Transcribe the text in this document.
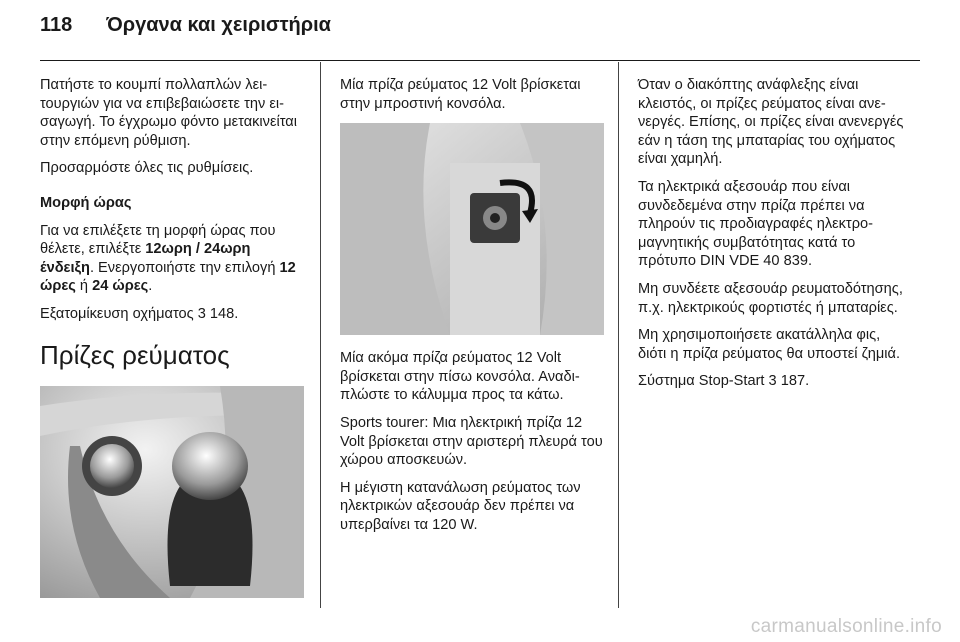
118 Όργανα και χειριστήρια

Πατήστε το κουμπί πολλαπλών λειτουργιών για να επιβεβαιώσετε την εισαγωγή. Το έγχρωμο φόντο μετακινείται στην επόμενη ρύθμιση.

Προσαρμόστε όλες τις ρυθμίσεις.

Μορφή ώρας

Για να επιλέξετε τη μορφή ώρας που θέλετε, επιλέξτε 12ωρη / 24ωρη ένδειξη. Ενεργοποιήστε την επιλογή 12 ώρες ή 24 ώρες.

Εξατομίκευση οχήματος 3 148.

Πρίζες ρεύματος

Μία πρίζα ρεύματος 12 Volt βρίσκεται στην μπροστινή κονσόλα.

Μία ακόμα πρίζα ρεύματος 12 Volt βρίσκεται στην πίσω κονσόλα. Αναδιπλώστε το κάλυμμα προς τα κάτω.

Sports tourer: Μια ηλεκτρική πρίζα 12 Volt βρίσκεται στην αριστερή πλευρά του χώρου αποσκευών.

Η μέγιστη κατανάλωση ρεύματος των ηλεκτρικών αξεσουάρ δεν πρέπει να υπερβαίνει τα 120 W.

Όταν ο διακόπτης ανάφλεξης είναι κλειστός, οι πρίζες ρεύματος είναι ανενεργές. Επίσης, οι πρίζες είναι ανενεργές εάν η τάση της μπαταρίας του οχήματος είναι χαμηλή.

Τα ηλεκτρικά αξεσουάρ που είναι συνδεδεμένα στην πρίζα πρέπει να πληρούν τις προδιαγραφές ηλεκτρομαγνητικής συμβατότητας κατά το πρότυπο DIN VDE 40 839.

Μη συνδέετε αξεσουάρ ρευματοδότησης, π.χ. ηλεκτρικούς φορτιστές ή μπαταρίες.

Μη χρησιμοποιήσετε ακατάλληλα φις, διότι η πρίζα ρεύματος θα υποστεί ζημιά.

Σύστημα Stop-Start 3 187.

carmanualsonline.info
